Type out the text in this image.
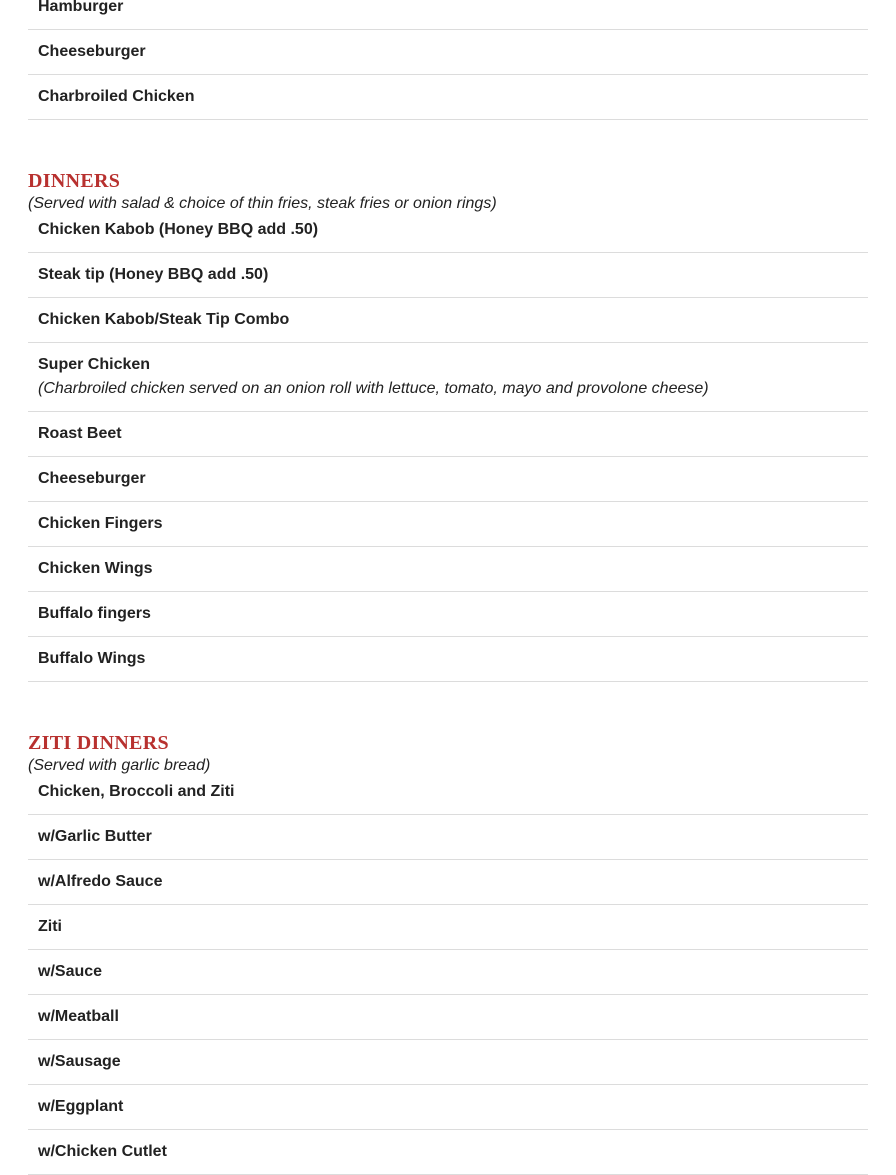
Hamburger
Cheeseburger
Charbroiled Chicken
DINNERS
(Served with salad & choice of thin fries, steak fries or onion rings)
Chicken Kabob (Honey BBQ add .50)
Steak tip (Honey BBQ add .50)
Chicken Kabob/Steak Tip Combo
Super Chicken
(Charbroiled chicken served on an onion roll with lettuce, tomato, mayo and provolone cheese)
Roast Beet
Cheeseburger
Chicken Fingers
Chicken Wings
Buffalo fingers
Buffalo Wings
ZITI DINNERS
(Served with garlic bread)
Chicken, Broccoli and Ziti
w/Garlic Butter
w/Alfredo Sauce
Ziti
w/Sauce
w/Meatball
w/Sausage
w/Eggplant
w/Chicken Cutlet
